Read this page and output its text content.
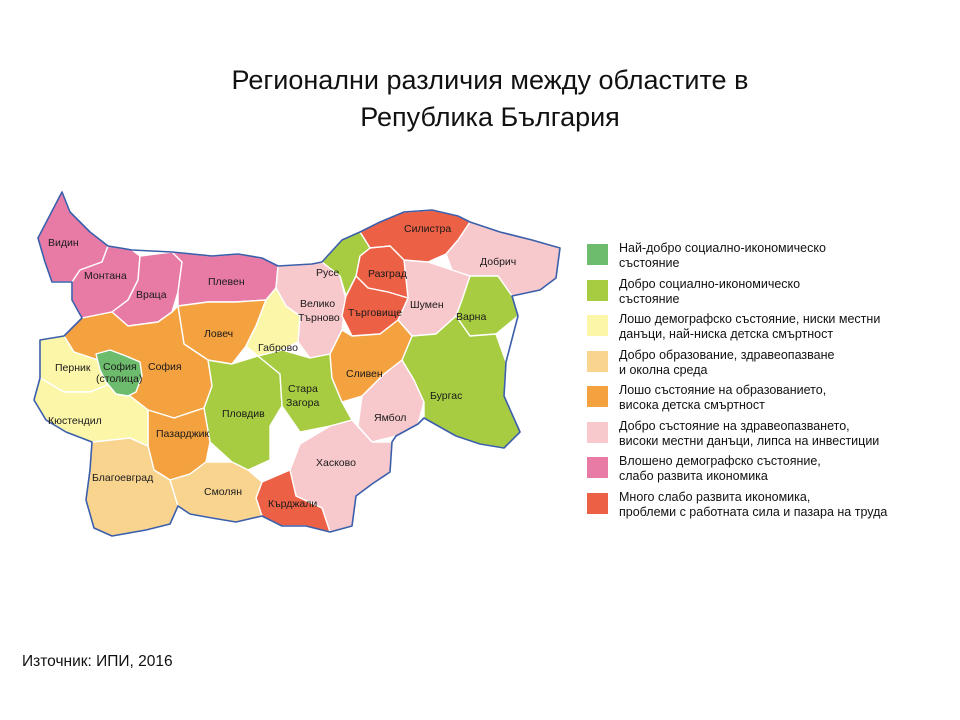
Регионални различия между областите в
Република България
Видин
Монтана
Враца
Плевен
Русе
Силистра
Разград
Добрич
Велико
Търново Търговище
Шумен
Варна
Ловеч
Габрово
Перник София
(столица)
София
Кюстендил
Пазарджик
Пловдив
Стара
Загора
Сливен
Ямбол
Бургас
Хасково
Благоевград
Смолян
Кърджали
Най-добро социално-икономическо
състояние
Добро социално-икономическо
състояние
Лошо демографско състояние, ниски местни
данъци, най-ниска детска смъртност
Добро образование, здравеопазване
и околна среда
Лошо състояние на образованието,
висока детска смъртност
Добро състояние на здравеопазването,
високи местни данъци, липса на инвестиции
Влошено демографско състояние,
слабо развита икономика
Много слабо развита икономика,
проблеми с работната сила и пазара на труда
Източник: ИПИ, 2016
